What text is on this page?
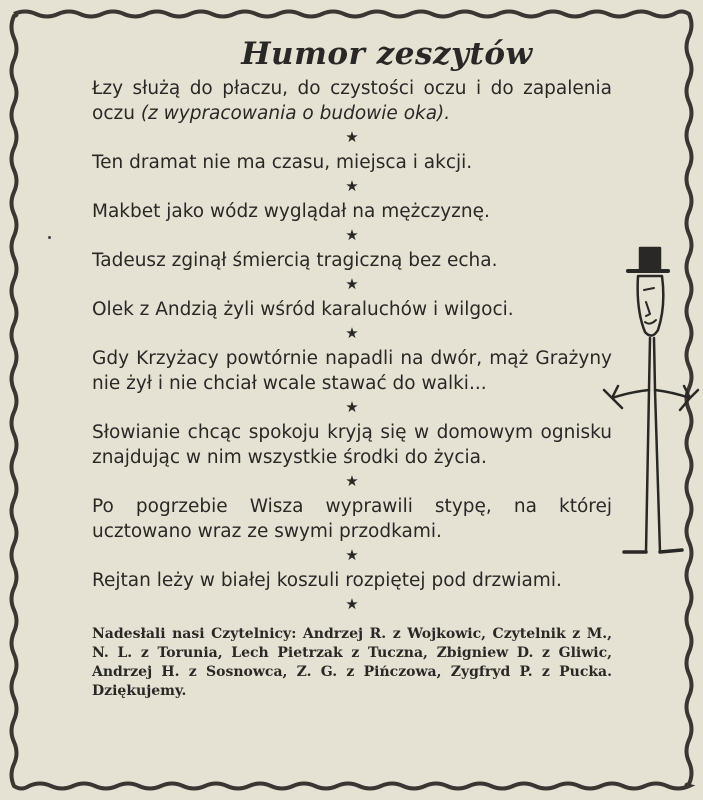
Humor zeszytów

Łzy służą do płaczu, do czystości oczu i do zapalenia oczu (z wypracowania o budowie oka).

★

Ten dramat nie ma czasu, miejsca i akcji.

★

Makbet jako wódz wyglądał na mężczyznę.

★

Tadeusz zginął śmiercią tragiczną bez echa.

★

Olek z Andzią żyli wśród karaluchów i wilgoci.

★

Gdy Krzyżacy powtórnie napadli na dwór, mąż Grażyny nie żył i nie chciał wcale stawać do walki...

★

Słowianie chcąc spokoju kryją się w domowym ognisku znajdując w nim wszystkie środki do życia.

★

Po pogrzebie Wisza wyprawili stypę, na której ucztowano wraz ze swymi przodkami.

★

Rejtan leży w białej koszuli rozpiętej pod drzwiami.

★
Nadesłali nasi Czytelnicy: Andrzej R. z Wojkowic, Czytelnik z M., N. L. z Torunia, Lech Pietrzak z Tuczna, Zbigniew D. z Gliwic, Andrzej H. z Sosnowca, Z. G. z Pińczowa, Zygfryd P. z Pucka. Dziękujemy.
